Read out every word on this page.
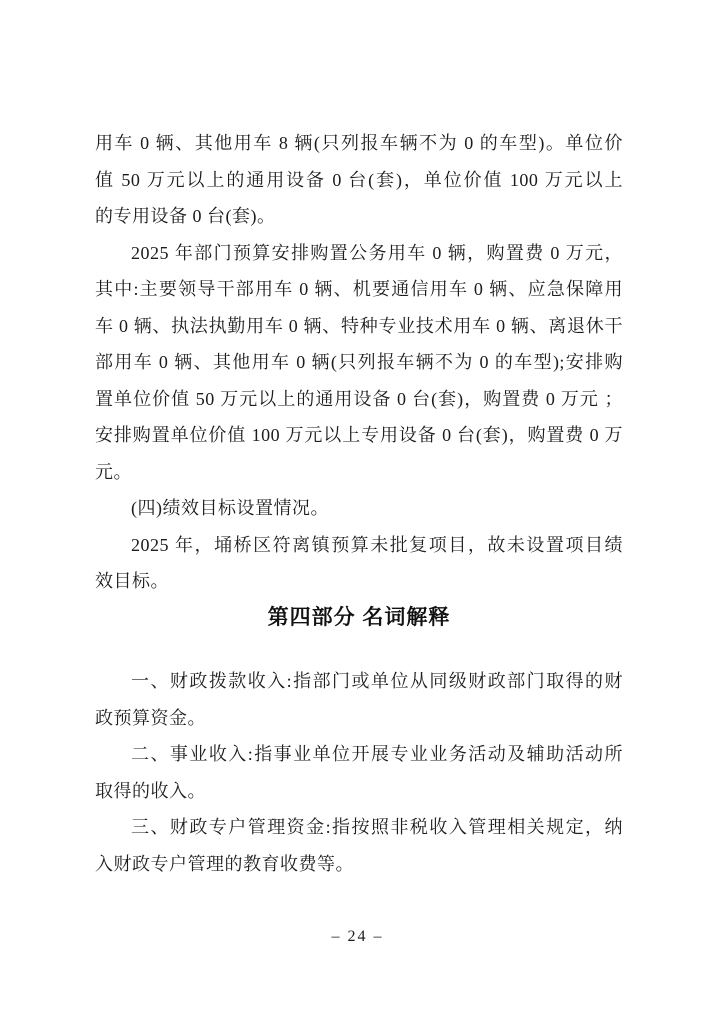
用车 0 辆、其他用车 8 辆(只列报车辆不为 0 的车型)。单位价
值 50 万元以上的通用设备 0 台(套)，单位价值 100 万元以上
的专用设备 0 台(套)。
2025 年部门预算安排购置公务用车 0 辆，购置费 0 万元，
其中:主要领导干部用车 0 辆、机要通信用车 0 辆、应急保障用
车 0 辆、执法执勤用车 0 辆、特种专业技术用车 0 辆、离退休干
部用车 0 辆、其他用车 0 辆(只列报车辆不为 0 的车型);安排购
置单位价值 50 万元以上的通用设备 0 台(套)，购置费 0 万元 ；
安排购置单位价值 100 万元以上专用设备 0 台(套)，购置费 0 万
元。
(四)绩效目标设置情况。
2025 年，埇桥区符离镇预算未批复项目，故未设置项目绩
效目标。
第四部分 名词解释
一、财政拨款收入:指部门或单位从同级财政部门取得的财
政预算资金。
二、事业收入:指事业单位开展专业业务活动及辅助活动所
取得的收入。
三、财政专户管理资金:指按照非税收入管理相关规定，纳
入财政专户管理的教育收费等。
– 24 –
